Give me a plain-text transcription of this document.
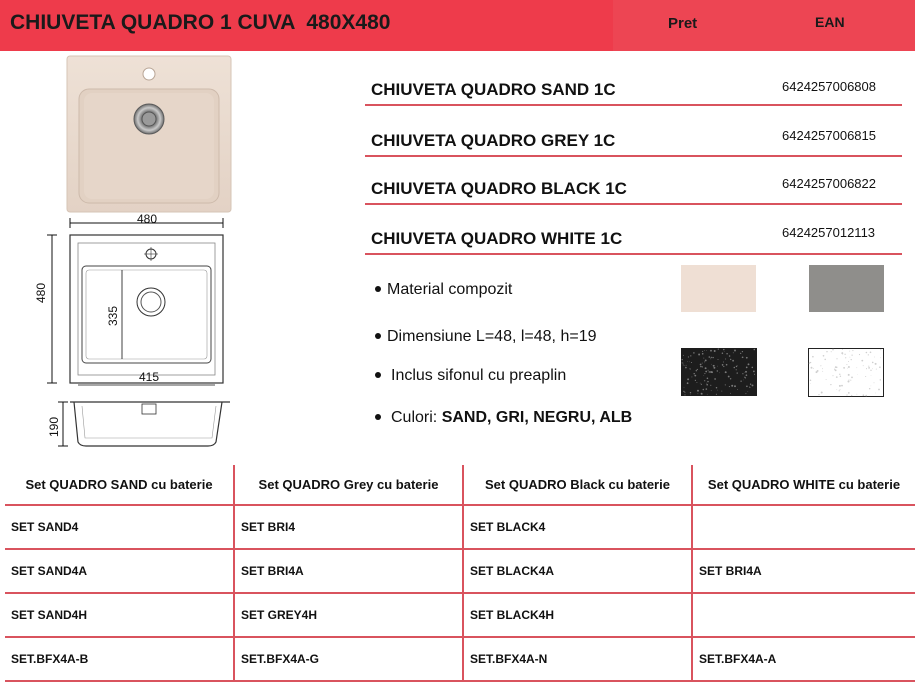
CHIUVETA QUADRO 1 CUVA  480X480	Pret	EAN
480
480
335
415
190
CHIUVETA QUADRO SAND 1C	6424257006808
CHIUVETA QUADRO GREY 1C	6424257006815
CHIUVETA QUADRO BLACK 1C	6424257006822
CHIUVETA QUADRO WHITE 1C	6424257012113
Material compozit
Dimensiune L=48, l=48, h=19
Inclus sifonul cu preaplin
Culori: SAND, GRI, NEGRU, ALB
Set QUADRO SAND cu baterie	Set QUADRO Grey cu baterie	Set QUADRO Black cu baterie	Set QUADRO WHITE cu baterie
SET SAND4	SET BRI4	SET BLACK4	
SET SAND4A	SET BRI4A	SET BLACK4A	SET BRI4A
SET SAND4H	SET GREY4H	SET BLACK4H	
SET.BFX4A-B	SET.BFX4A-G	SET.BFX4A-N	SET.BFX4A-A
